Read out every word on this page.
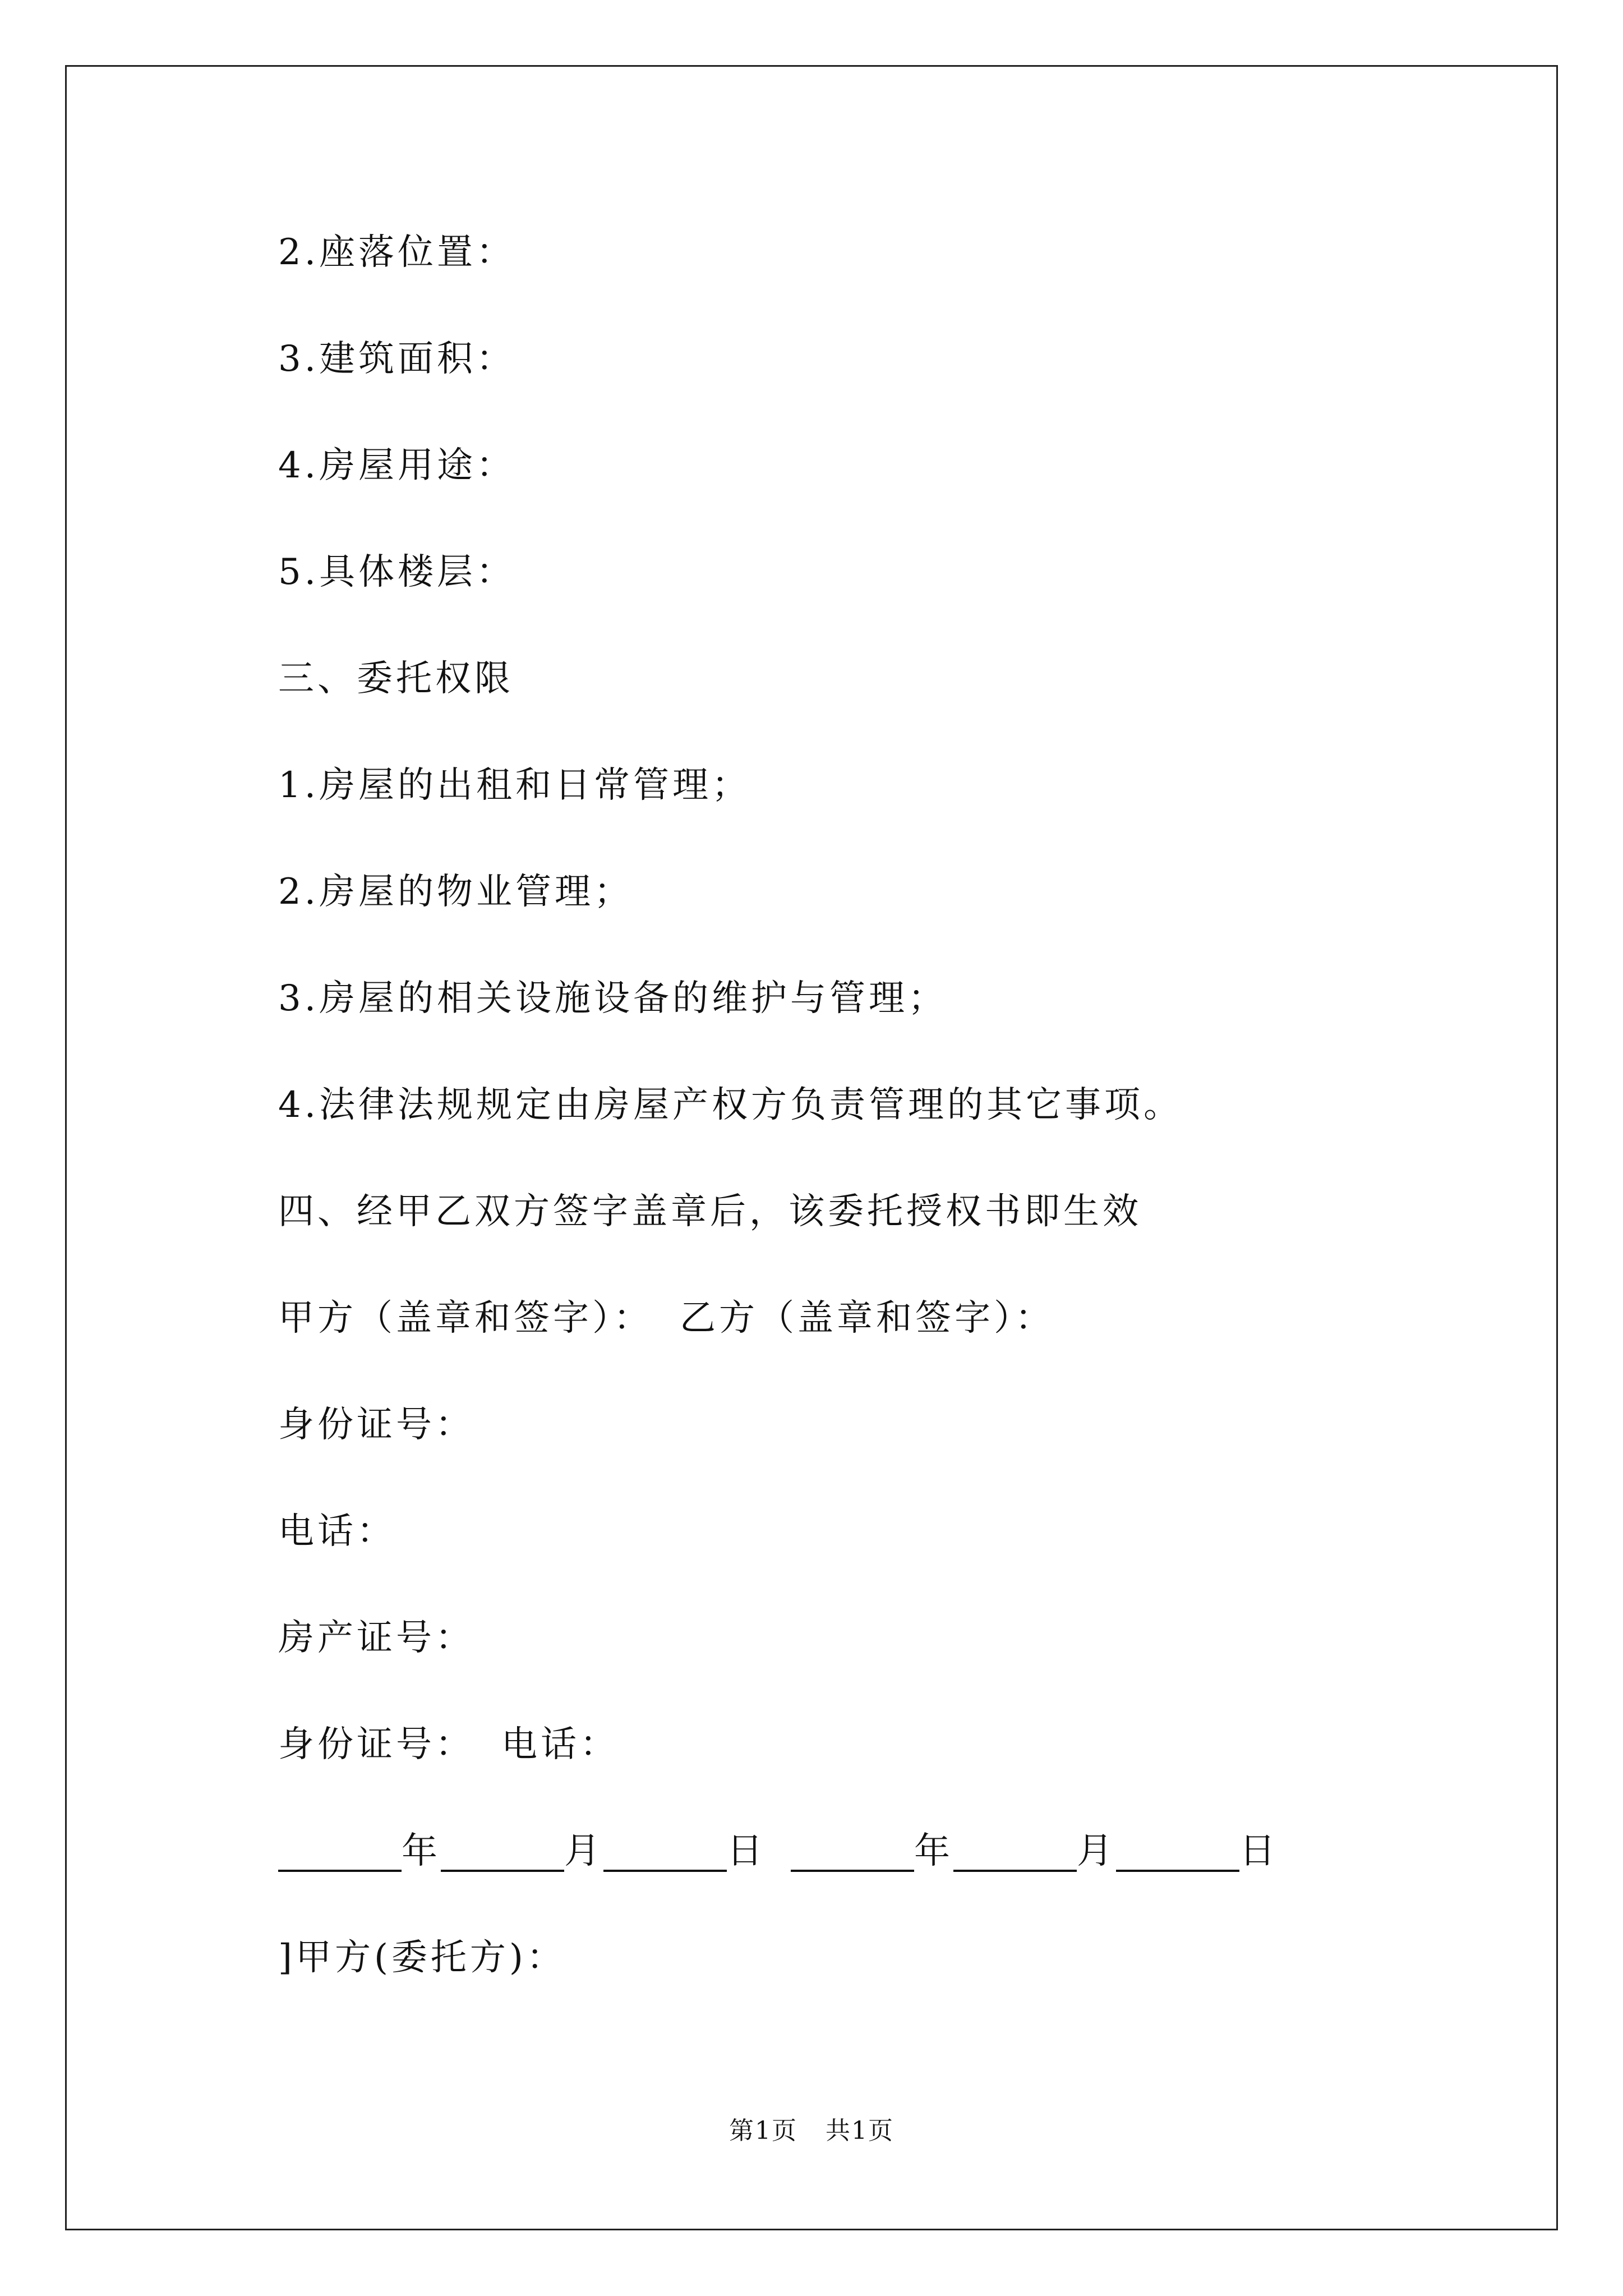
2.座落位置：
3.建筑面积：
4.房屋用途：
5.具体楼层：
三、委托权限
1.房屋的出租和日常管理；
2.房屋的物业管理；
3.房屋的相关设施设备的维护与管理；
4.法律法规规定由房屋产权方负责管理的其它事项。
四、经甲乙双方签字盖章后，该委托授权书即生效
甲方（盖章和签字）： 乙方（盖章和签字）：
身份证号：
电话：
房产证号：
身份证号： 电话：
年	月	日	年	月	日
]甲方(委托方)：
第1页 共1页
